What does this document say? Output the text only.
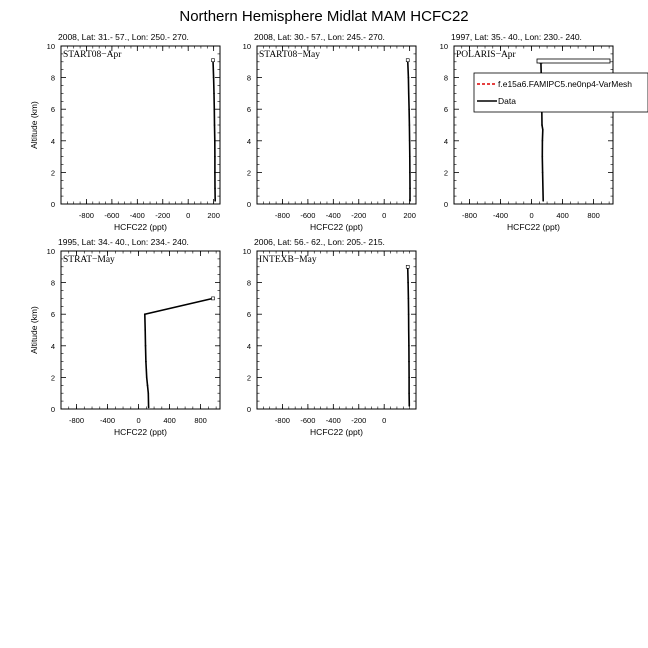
Northern Hemisphere Midlat MAM HCFC22
-800 -600 -400 -200 0 200
0
2
4
6
8
10
2008, Lat: 31.- 57., Lon: 250.- 270.
START08−Apr
HCFC22 (ppt)
Altitude (km)
-800 -600 -400 -200 0 200
0
2
4
6
8
10
2008, Lat: 30.- 57., Lon: 245.- 270.
START08−May
HCFC22 (ppt)
-800 -400	0	400 800
0
2
4
6
8
10
1997, Lat: 35.- 40., Lon: 230.- 240.
POLARIS−Apr
HCFC22 (ppt)
f.e15a6.FAMIPC5.ne0np4-VarMesh
Data
-800 -400	0	400 800
0
2
4
6
8
10
1995, Lat: 34.- 40., Lon: 234.- 240.
STRAT−May
HCFC22 (ppt)
Altitude (km)
-800 -600 -400 -200 0
0
2
4
6
8
10
2006, Lat: 56.- 62., Lon: 205.- 215.
INTEXB−May
HCFC22 (ppt)
